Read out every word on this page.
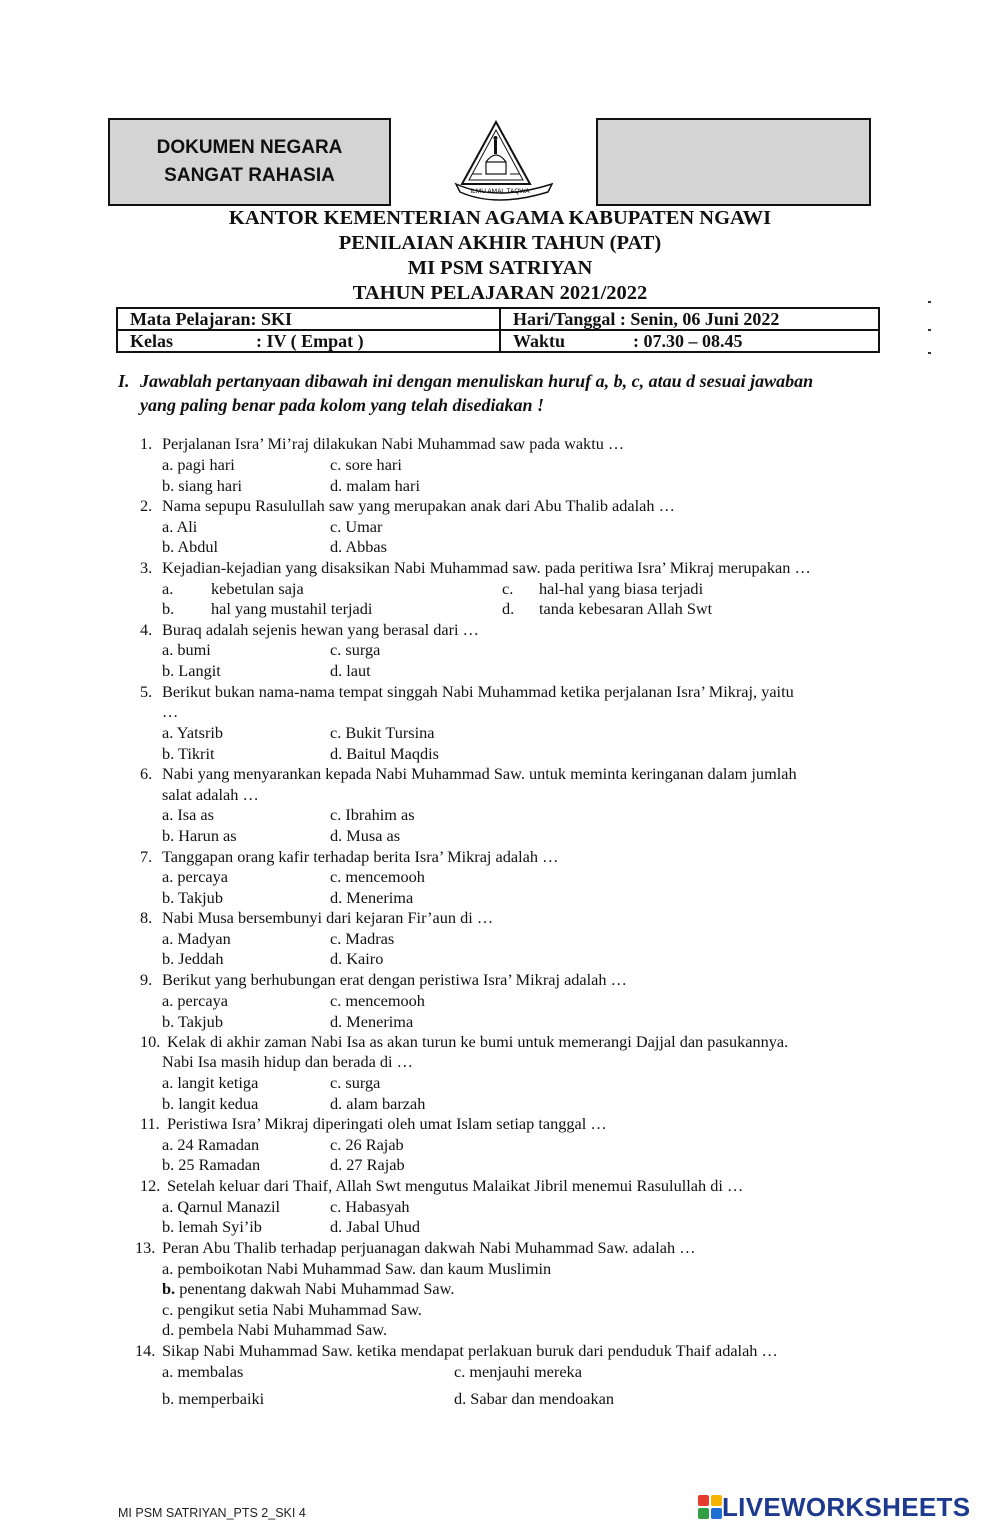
DOKUMEN NEGARA
SANGAT RAHASIA
ILMU AMAL TAQWA
KANTOR KEMENTERIAN AGAMA KABUPATEN NGAWI
PENILAIAN AKHIR TAHUN (PAT)
MI PSM SATRIYAN
TAHUN PELAJARAN 2021/2022
Mata Pelajaran: SKI	Hari/Tanggal : Senin, 06 Juni 2022
Kelas : IV ( Empat )	Waktu : 07.30 – 08.45
I. Jawablah pertanyaan dibawah ini dengan menuliskan huruf a, b, c, atau d sesuai jawaban
yang paling benar pada kolom yang telah disediakan !
1. Perjalanan Isra’ Mi’raj dilakukan Nabi Muhammad saw pada waktu …
a. pagi hari	c. sore hari
b. siang hari	d. malam hari
2. Nama sepupu Rasulullah saw yang merupakan anak dari Abu Thalib adalah …
a. Ali	c. Umar
b. Abdul	d. Abbas
3. Kejadian-kejadian yang disaksikan Nabi Muhammad saw. pada peritiwa Isra’ Mikraj merupakan …
a. kebetulan saja	c. hal-hal yang biasa terjadi
b. hal yang mustahil terjadi	d. tanda kebesaran Allah Swt
4. Buraq adalah sejenis hewan yang berasal dari …
a. bumi	c. surga
b. Langit	d. laut
5. Berikut bukan nama-nama tempat singgah Nabi Muhammad ketika perjalanan Isra’ Mikraj, yaitu
…
a. Yatsrib	c. Bukit Tursina
b. Tikrit	d. Baitul Maqdis
6. Nabi yang menyarankan kepada Nabi Muhammad Saw. untuk meminta keringanan dalam jumlah
salat adalah …
a. Isa as	c. Ibrahim as
b. Harun as	d. Musa as
7. Tanggapan orang kafir terhadap berita Isra’ Mikraj adalah …
a. percaya	c. mencemooh
b. Takjub	d. Menerima
8. Nabi Musa bersembunyi dari kejaran Fir’aun di …
a. Madyan	c. Madras
b. Jeddah	d. Kairo
9. Berikut yang berhubungan erat dengan peristiwa Isra’ Mikraj adalah …
a. percaya	c. mencemooh
b. Takjub	d. Menerima
10. Kelak di akhir zaman Nabi Isa as akan turun ke bumi untuk memerangi Dajjal dan pasukannya.
Nabi Isa masih hidup dan berada di …
a. langit ketiga	c. surga
b. langit kedua	d. alam barzah
11. Peristiwa Isra’ Mikraj diperingati oleh umat Islam setiap tanggal …
a. 24 Ramadan	c. 26 Rajab
b. 25 Ramadan	d. 27 Rajab
12. Setelah keluar dari Thaif, Allah Swt mengutus Malaikat Jibril menemui Rasulullah di …
a. Qarnul Manazil	c. Habasyah
b. lemah Syi’ib	d. Jabal Uhud
13. Peran Abu Thalib terhadap perjuanagan dakwah Nabi Muhammad Saw. adalah …
a. pemboikotan Nabi Muhammad Saw. dan kaum Muslimin
b. penentang dakwah Nabi Muhammad Saw.
c. pengikut setia Nabi Muhammad Saw.
d. pembela Nabi Muhammad Saw.
14. Sikap Nabi Muhammad Saw. ketika mendapat perlakuan buruk dari penduduk Thaif adalah …
a. membalas	c. menjauhi mereka
b. memperbaiki	d. Sabar dan mendoakan
MI PSM SATRIYAN_PTS 2_SKI 4	LIVEWORKSHEETS
